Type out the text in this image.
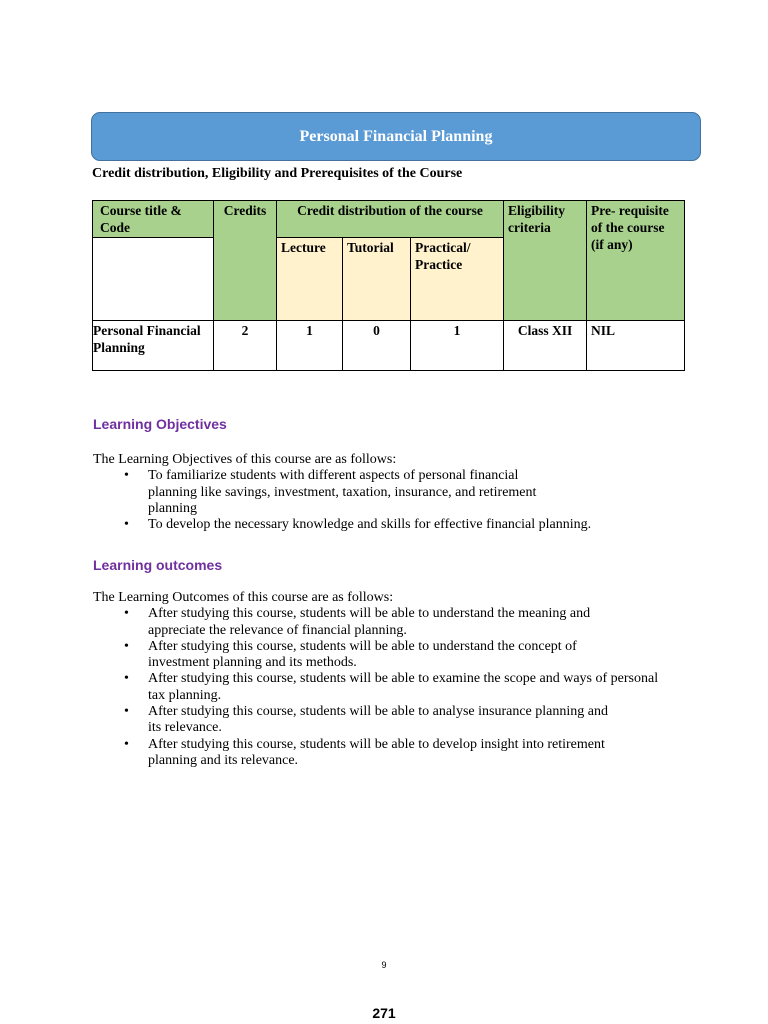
Personal Financial Planning
Credit distribution, Eligibility and Prerequisites of the Course
Course title & Code	Credits	Credit distribution of the course			Eligibility criteria	Pre- requisite of the course (if any)
		Lecture	Tutorial	Practical/ Practice		
Personal Financial Planning	2	1	0	1	Class XII	NIL
Learning Objectives
The Learning Objectives of this course are as follows:
• To familiarize students with different aspects of personal financial planning like savings, investment, taxation, insurance, and retirement planning
• To develop the necessary knowledge and skills for effective financial planning.
Learning outcomes
The Learning Outcomes of this course are as follows:
• After studying this course, students will be able to understand the meaning and appreciate the relevance of financial planning.
• After studying this course, students will be able to understand the concept of investment planning and its methods.
• After studying this course, students will be able to examine the scope and ways of personal tax planning.
• After studying this course, students will be able to analyse insurance planning and its relevance.
• After studying this course, students will be able to develop insight into retirement planning and its relevance.
9
271
